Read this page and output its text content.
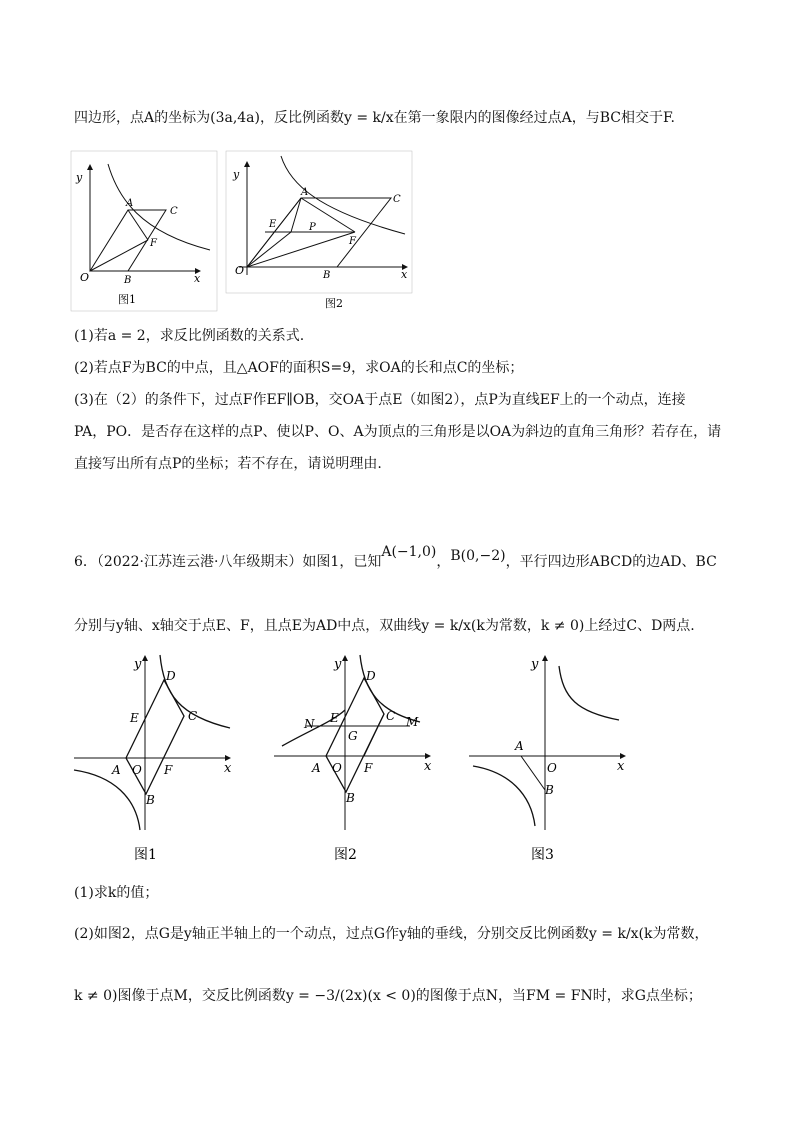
四边形，点A的坐标为(3a,4a)，反比例函数y = k/x在第一象限内的图像经过点A，与BC相交于F.
y
x
O
A
C
F
B
图1
y
x
O
A
C
E	P
F
B
图2
(1)若a = 2，求反比例函数的关系式.
(2)若点F为BC的中点，且△AOF的面积S=9，求OA的长和点C的坐标；
(3)在（2）的条件下，过点F作EF∥OB，交OA于点E（如图2），点P为直线EF上的一个动点，连接
PA，PO．是否存在这样的点P、使以P、O、A为顶点的三角形是以OA为斜边的直角三角形？若存在，请
直接写出所有点P的坐标；若不存在，请说明理由.
6．（2022·江苏连云港·八年级期末）如图1，已知A(−1,0)，B(0,−2)，平行四边形ABCD的边AD、BC
分别与y轴、x轴交于点E、F，且点E为AD中点，双曲线y = k/x(k为常数，k ≠ 0)上经过C、D两点.
y
x
O
A
B
C
D
E
F
图1
y
x
O
A
B
C
D
E
F
G
M
N
图2
y
x
O
A
B
图3
(1)求k的值；
(2)如图2，点G是y轴正半轴上的一个动点，过点G作y轴的垂线，分别交反比例函数y = k/x(k为常数，
k ≠ 0)图像于点M，交反比例函数y = −3/(2x)(x < 0)的图像于点N，当FM = FN时，求G点坐标；
